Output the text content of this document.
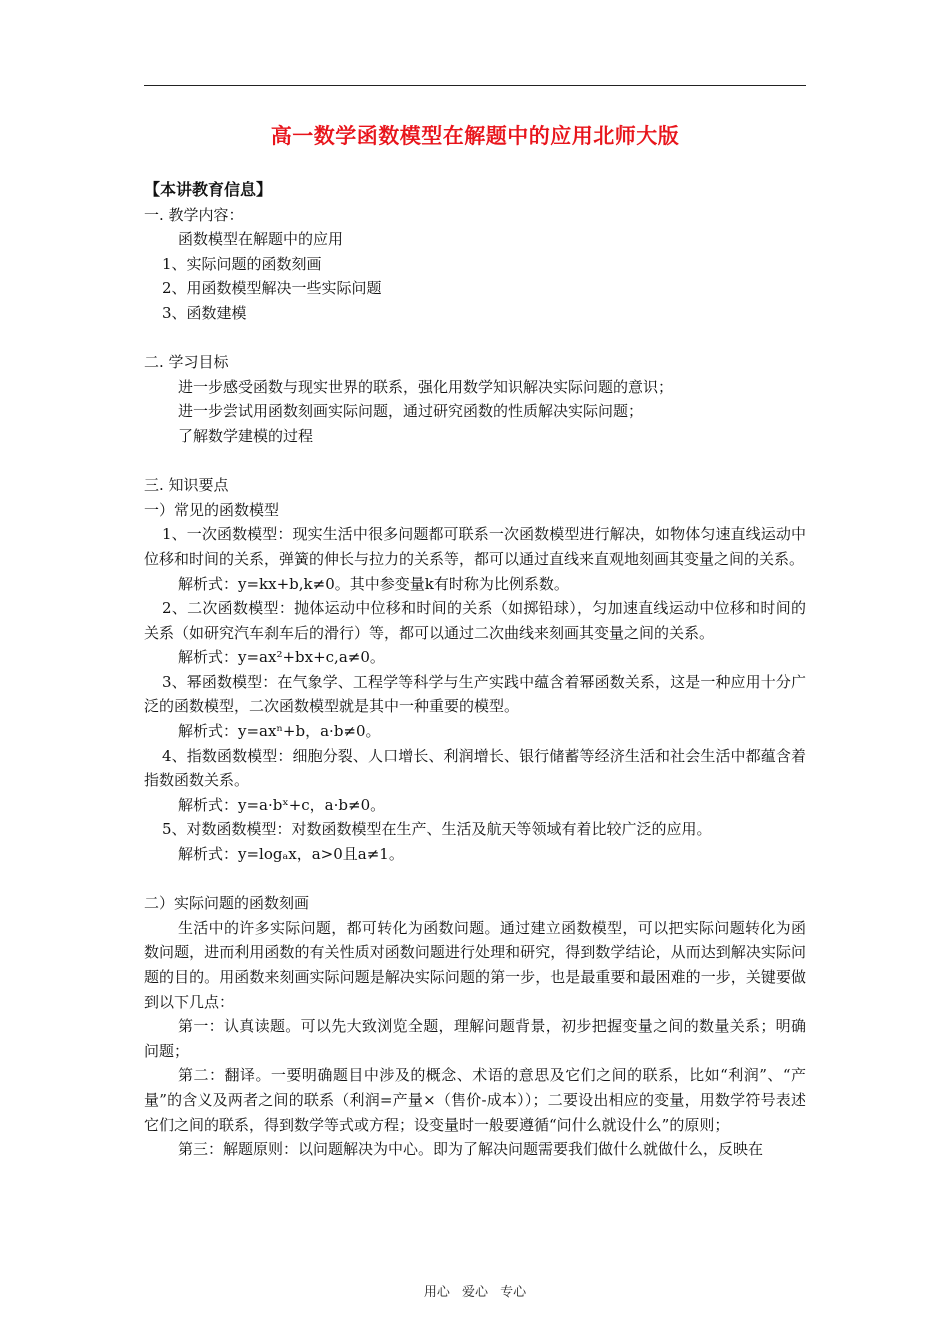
高一数学函数模型在解题中的应用北师大版

【本讲教育信息】

一. 教学内容：

函数模型在解题中的应用

1、实际问题的函数刻画

2、用函数模型解决一些实际问题

3、函数建模

二. 学习目标

进一步感受函数与现实世界的联系，强化用数学知识解决实际问题的意识；

进一步尝试用函数刻画实际问题，通过研究函数的性质解决实际问题；

了解数学建模的过程

三. 知识要点

一）常见的函数模型

1、一次函数模型：现实生活中很多问题都可联系一次函数模型进行解决，如物体匀速直线运动中位移和时间的关系，弹簧的伸长与拉力的关系等，都可以通过直线来直观地刻画其变量之间的关系。

解析式：y=kx+b,k≠0。其中参变量k有时称为比例系数。

2、二次函数模型：抛体运动中位移和时间的关系（如掷铅球），匀加速直线运动中位移和时间的关系（如研究汽车刹车后的滑行）等，都可以通过二次曲线来刻画其变量之间的关系。

解析式：y=ax²+bx+c,a≠0。

3、幂函数模型：在气象学、工程学等科学与生产实践中蕴含着幂函数关系，这是一种应用十分广泛的函数模型，二次函数模型就是其中一种重要的模型。

解析式：y=axⁿ+b，a·b≠0。

4、指数函数模型：细胞分裂、人口增长、利润增长、银行储蓄等经济生活和社会生活中都蕴含着指数函数关系。

解析式：y=a·bˣ+c，a·b≠0。

5、对数函数模型：对数函数模型在生产、生活及航天等领域有着比较广泛的应用。

解析式：y=logₐx，a>0且a≠1。

二）实际问题的函数刻画

生活中的许多实际问题，都可转化为函数问题。通过建立函数模型，可以把实际问题转化为函数问题，进而利用函数的有关性质对函数问题进行处理和研究，得到数学结论，从而达到解决实际问题的目的。用函数来刻画实际问题是解决实际问题的第一步，也是最重要和最困难的一步，关键要做到以下几点：

第一：认真读题。可以先大致浏览全题，理解问题背景，初步把握变量之间的数量关系；明确问题；

第二：翻译。一要明确题目中涉及的概念、术语的意思及它们之间的联系，比如“利润”、“产量”的含义及两者之间的联系（利润=产量×（售价-成本））；二要设出相应的变量，用数学符号表述它们之间的联系，得到数学等式或方程；设变量时一般要遵循“问什么就设什么”的原则；

第三：解题原则：以问题解决为中心。即为了解决问题需要我们做什么就做什么，反映在

用心 爱心 专心
